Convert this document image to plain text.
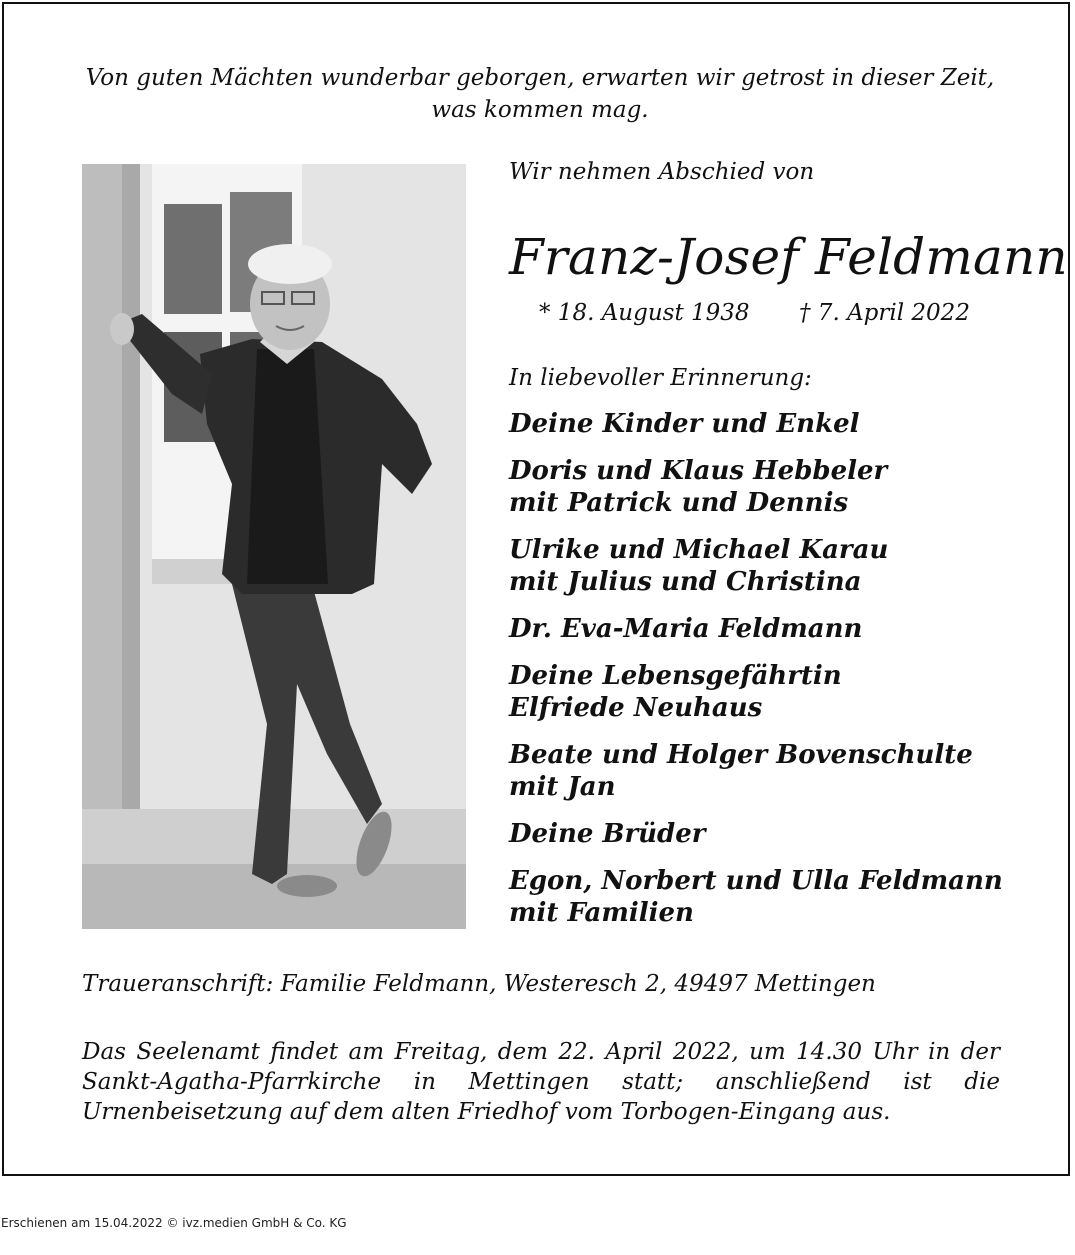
Von guten Mächten wunderbar geborgen, erwarten wir getrost in dieser Zeit,
was kommen mag.
Wir nehmen Abschied von
Franz-Josef Feldmann
* 18. August 1938 † 7. April 2022
In liebevoller Erinnerung:
Deine Kinder und Enkel
Doris und Klaus Hebbeler
mit Patrick und Dennis
Ulrike und Michael Karau
mit Julius und Christina
Dr. Eva-Maria Feldmann
Deine Lebensgefährtin
Elfriede Neuhaus
Beate und Holger Bovenschulte
mit Jan
Deine Brüder
Egon, Norbert und Ulla Feldmann
mit Familien
Traueranschrift: Familie Feldmann, Westeresch 2, 49497 Mettingen
Das Seelenamt findet am Freitag, dem 22. April 2022, um 14.30 Uhr in der Sankt-Agatha-Pfarrkirche in Mettingen statt; anschließend ist die Urnenbeisetzung auf dem alten Friedhof vom Torbogen-Eingang aus.
Erschienen am 15.04.2022 © ivz.medien GmbH & Co. KG
